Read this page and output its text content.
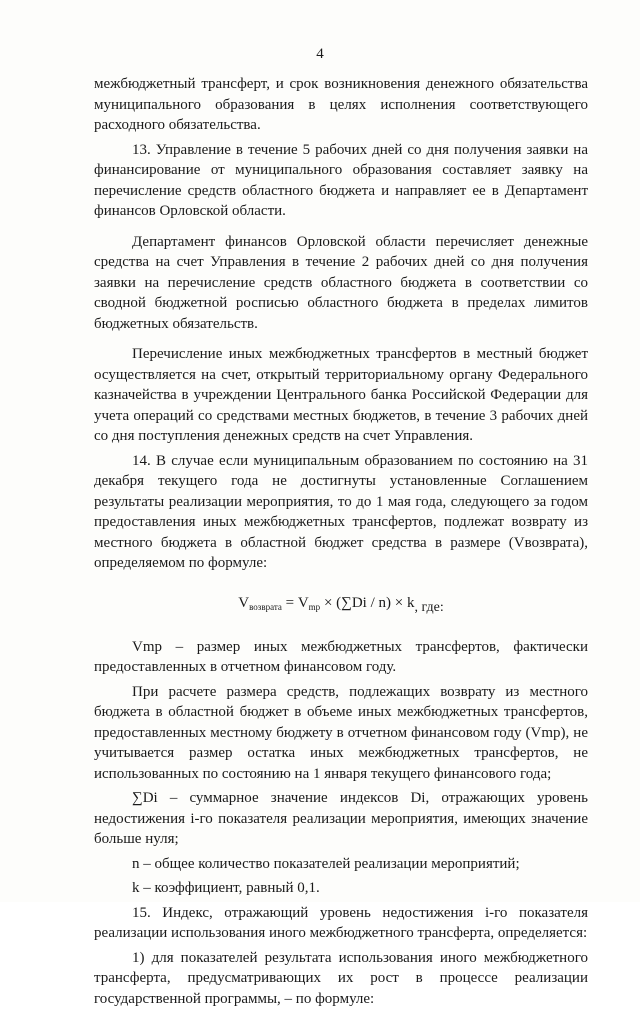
4

межбюджетный трансферт, и срок возникновения денежного обязательства муниципального образования в целях исполнения соответствующего расходного обязательства.

13. Управление в течение 5 рабочих дней со дня получения заявки на финансирование от муниципального образования составляет заявку на перечисление средств областного бюджета и направляет ее в Департамент финансов Орловской области.

Департамент финансов Орловской области перечисляет денежные средства на счет Управления в течение 2 рабочих дней со дня получения заявки на перечисление средств областного бюджета в соответствии со сводной бюджетной росписью областного бюджета в пределах лимитов бюджетных обязательств.

Перечисление иных межбюджетных трансфертов в местный бюджет осуществляется на счет, открытый территориальному органу Федерального казначейства в учреждении Центрального банка Российской Федерации для учета операций со средствами местных бюджетов, в течение 3 рабочих дней со дня поступления денежных средств на счет Управления.

14. В случае если муниципальным образованием по состоянию на 31 декабря текущего года не достигнуты установленные Соглашением результаты реализации мероприятия, то до 1 мая года, следующего за годом предоставления иных межбюджетных трансфертов, подлежат возврату из местного бюджета в областной бюджет средства в размере (Vвозврата), определяемом по формуле:

$V_{возврата} = V_{mp} \times (\sum Di / n) \times k$, где:

Vmp – размер иных межбюджетных трансфертов, фактически предоставленных в отчетном финансовом году.

При расчете размера средств, подлежащих возврату из местного бюджета в областной бюджет в объеме иных межбюджетных трансфертов, предоставленных местному бюджету в отчетном финансовом году (Vmp), не учитывается размер остатка иных межбюджетных трансфертов, не использованных по состоянию на 1 января текущего финансового года;

∑Di – суммарное значение индексов Di, отражающих уровень недостижения i-го показателя реализации мероприятия, имеющих значение больше нуля;

n – общее количество показателей реализации мероприятий;

k – коэффициент, равный 0,1.

15. Индекс, отражающий уровень недостижения i-го показателя реализации использования иного межбюджетного трансферта, определяется:

1) для показателей результата использования иного межбюджетного трансферта, предусматривающих их рост в процессе реализации государственной программы, – по формуле:
